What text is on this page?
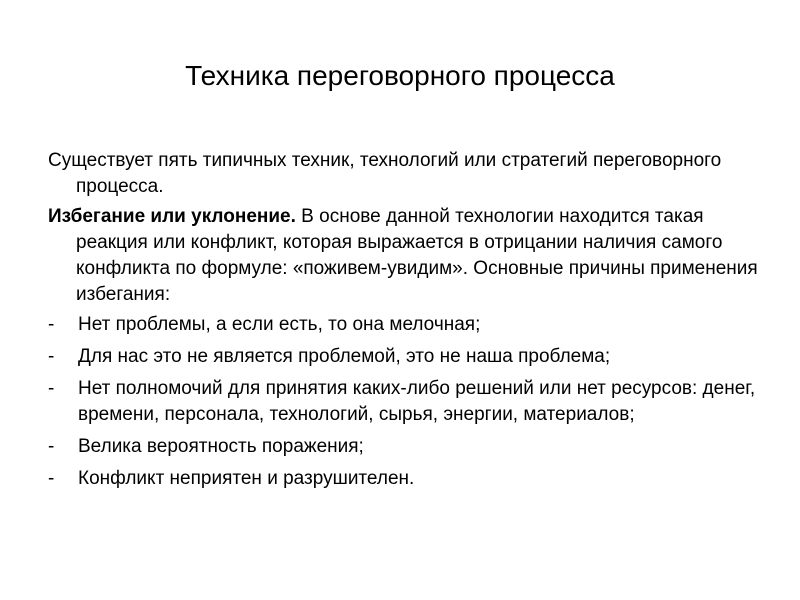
Техника переговорного процесса

Существует пять типичных техник, технологий или стратегий переговорного процесса.

Избегание или уклонение. В основе данной технологии находится такая реакция или конфликт, которая выражается в отрицании наличия самого конфликта по формуле: «поживем-увидим». Основные причины применения избегания:

- Нет проблемы, а если есть, то она мелочная;
- Для нас это не является проблемой, это не наша проблема;
- Нет полномочий для принятия каких-либо решений или нет ресурсов: денег, времени, персонала, технологий, сырья, энергии, материалов;
- Велика вероятность поражения;
- Конфликт неприятен и разрушителен.
